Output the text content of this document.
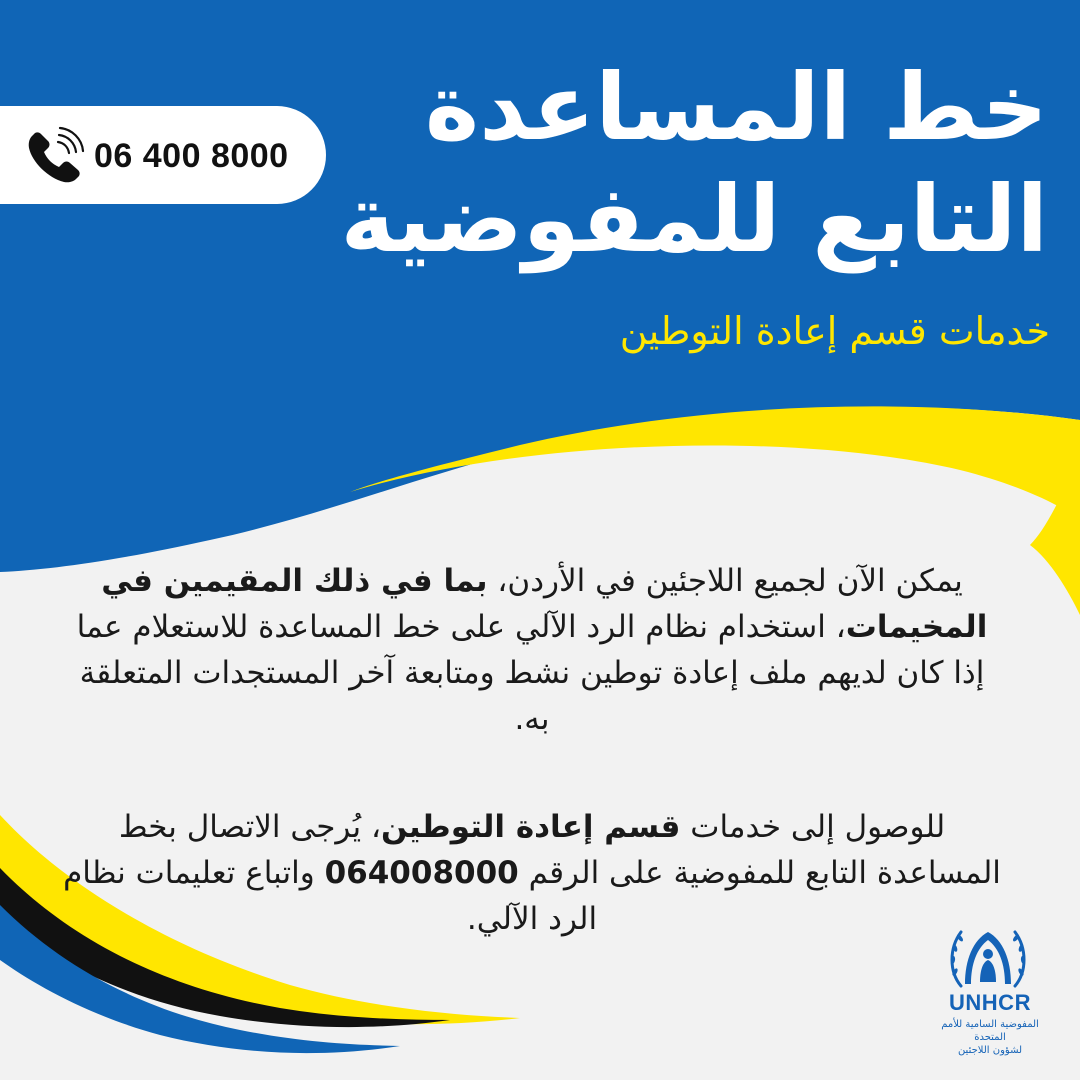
خط المساعدة
التابع للمفوضية
خدمات قسم إعادة التوطين
06 400 8000
يمكن الآن لجميع اللاجئين في الأردن، بما في ذلك المقيمين في المخيمات، استخدام نظام الرد الآلي على خط المساعدة للاستعلام عما إذا كان لديهم ملف إعادة توطين نشط ومتابعة آخر المستجدات المتعلقة به.
للوصول إلى خدمات قسم إعادة التوطين، يُرجى الاتصال بخط المساعدة التابع للمفوضية على الرقم 064008000 واتباع تعليمات نظام الرد الآلي.
UNHCR
المفوضية السامية للأمم المتحدة
لشؤون اللاجئين
